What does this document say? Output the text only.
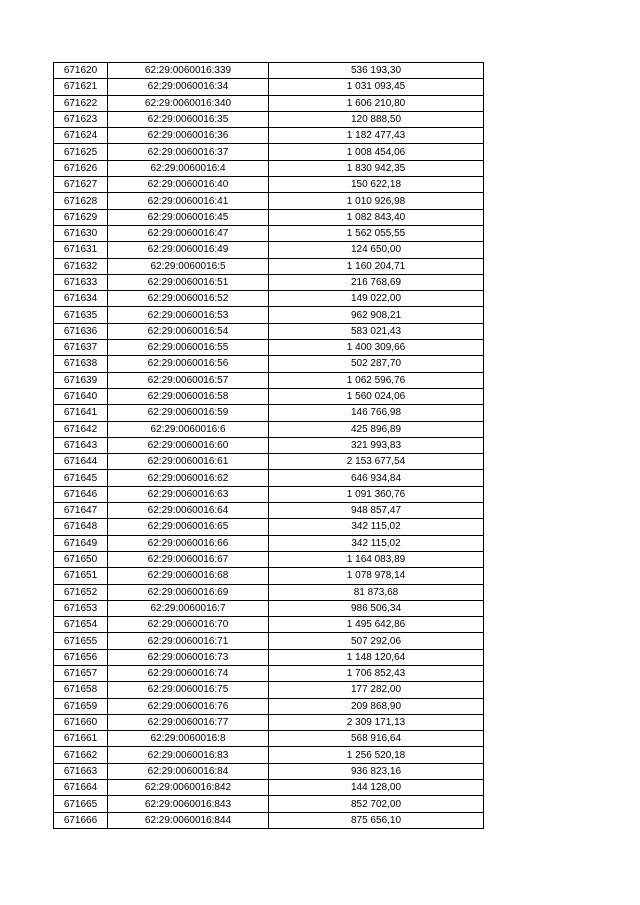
671620	62:29:0060016:339	536 193,30
671621	62:29:0060016:34	1 031 093,45
671622	62:29:0060016:340	1 606 210,80
671623	62:29:0060016:35	120 888,50
671624	62:29:0060016:36	1 182 477,43
671625	62:29:0060016:37	1 008 454,06
671626	62:29:0060016:4	1 830 942,35
671627	62:29:0060016:40	150 622,18
671628	62:29:0060016:41	1 010 926,98
671629	62:29:0060016:45	1 082 843,40
671630	62:29:0060016:47	1 562 055,55
671631	62:29:0060016:49	124 650,00
671632	62:29:0060016:5	1 160 204,71
671633	62:29:0060016:51	216 768,69
671634	62:29:0060016:52	149 022,00
671635	62:29:0060016:53	962 908,21
671636	62:29:0060016:54	583 021,43
671637	62:29:0060016:55	1 400 309,66
671638	62:29:0060016:56	502 287,70
671639	62:29:0060016:57	1 062 596,76
671640	62:29:0060016:58	1 560 024,06
671641	62:29:0060016:59	146 766,98
671642	62:29:0060016:6	425 896,89
671643	62:29:0060016:60	321 993,83
671644	62:29:0060016:61	2 153 677,54
671645	62:29:0060016:62	646 934,84
671646	62:29:0060016:63	1 091 360,76
671647	62:29:0060016:64	948 857,47
671648	62:29:0060016:65	342 115,02
671649	62:29:0060016:66	342 115,02
671650	62:29:0060016:67	1 164 083,89
671651	62:29:0060016:68	1 078 978,14
671652	62:29:0060016:69	81 873,68
671653	62:29:0060016:7	986 506,34
671654	62:29:0060016:70	1 495 642,86
671655	62:29:0060016:71	507 292,06
671656	62:29:0060016:73	1 148 120,64
671657	62:29:0060016:74	1 706 852,43
671658	62:29:0060016:75	177 282,00
671659	62:29:0060016:76	209 868,90
671660	62:29:0060016:77	2 309 171,13
671661	62:29:0060016:8	568 916,64
671662	62:29:0060016:83	1 256 520,18
671663	62:29:0060016:84	936 823,16
671664	62:29:0060016:842	144 128,00
671665	62:29:0060016:843	852 702,00
671666	62:29:0060016:844	875 656,10
